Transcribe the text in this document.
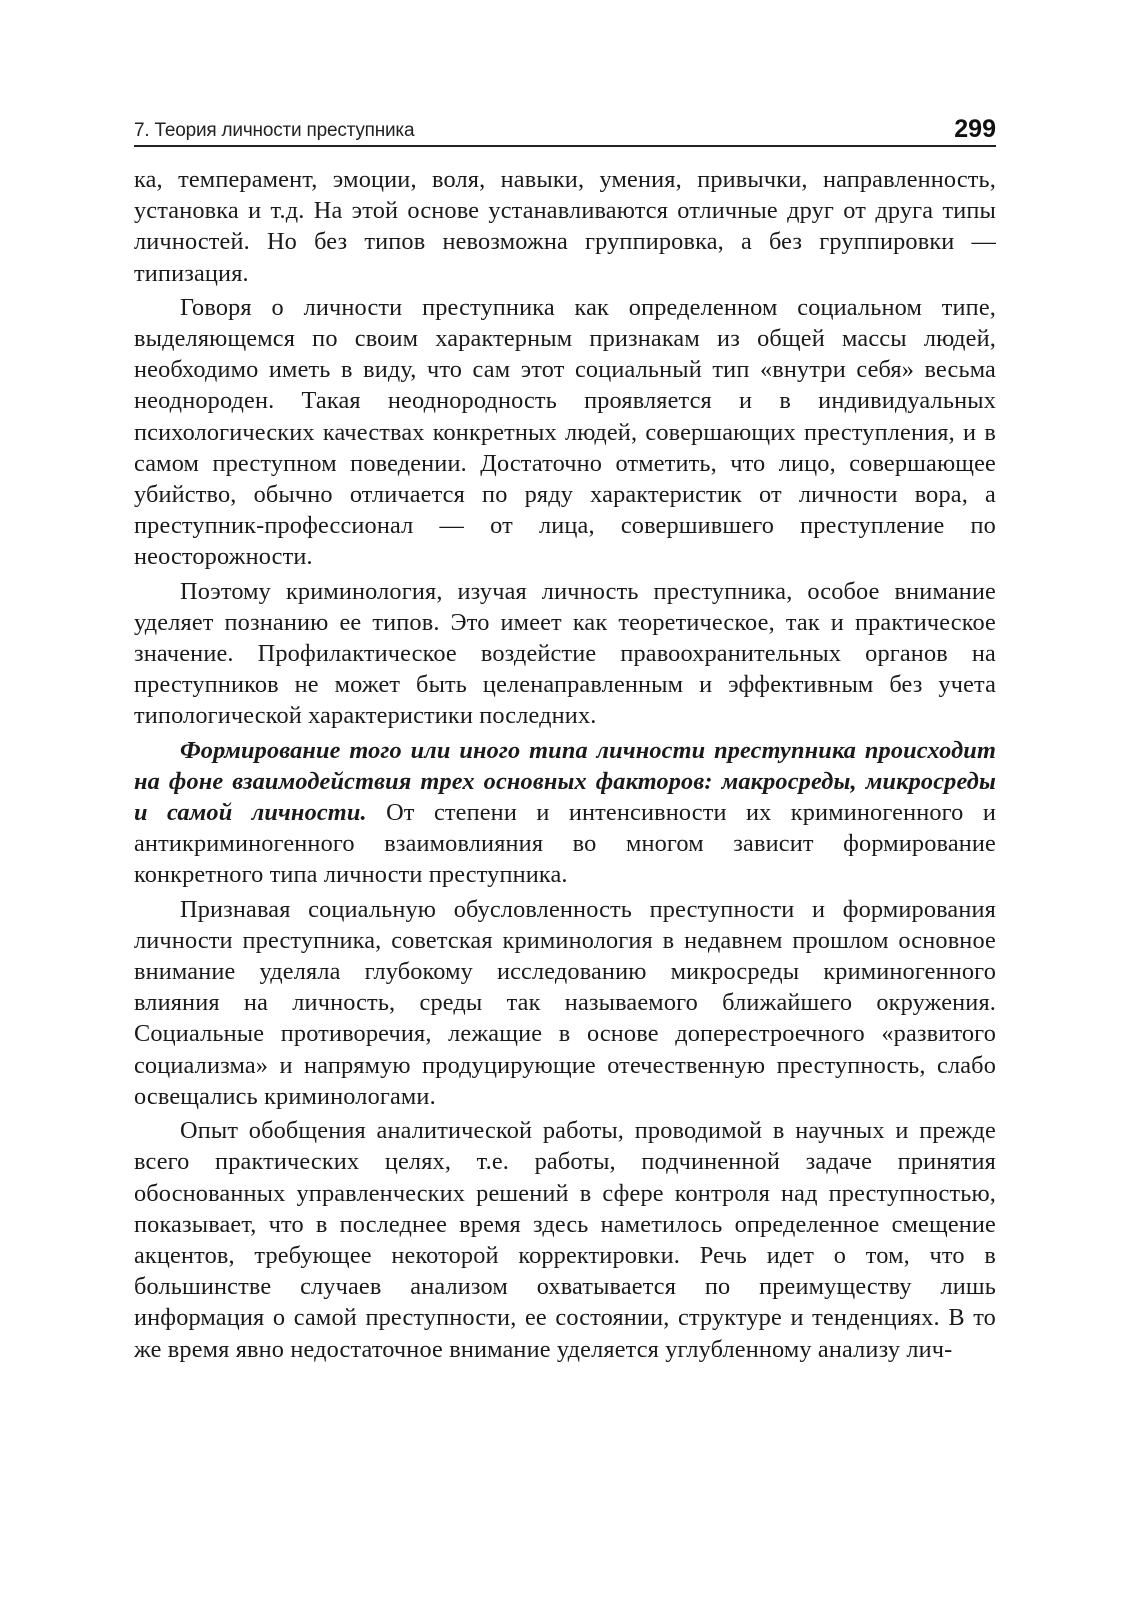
7. Теория личности преступника	299

ка, темперамент, эмоции, воля, навыки, умения, привычки, направленность, установка и т.д. На этой основе устанавливаются отличные друг от друга типы личностей. Но без типов невозможна группировка, а без группировки — типизация.

Говоря о личности преступника как определенном социальном типе, выделяющемся по своим характерным признакам из общей массы людей, необходимо иметь в виду, что сам этот социальный тип «внутри себя» весьма неоднороден. Такая неоднородность проявляется и в индивидуальных психологических качествах конкретных людей, совершающих преступления, и в самом преступном поведении. Достаточно отметить, что лицо, совершающее убийство, обычно отличается по ряду характеристик от личности вора, а преступник-профессионал — от лица, совершившего преступление по неосторожности.

Поэтому криминология, изучая личность преступника, особое внимание уделяет познанию ее типов. Это имеет как теоретическое, так и практическое значение. Профилактическое воздейстие правоохранительных органов на преступников не может быть целенаправленным и эффективным без учета типологической характеристики последних.

Формирование того или иного типа личности преступника происходит на фоне взаимодействия трех основных факторов: макросреды, микросреды и самой личности. От степени и интенсивности их криминогенного и антикриминогенного взаимовлияния во многом зависит формирование конкретного типа личности преступника.

Признавая социальную обусловленность преступности и формирования личности преступника, советская криминология в недавнем прошлом основное внимание уделяла глубокому исследованию микросреды криминогенного влияния на личность, среды так называемого ближайшего окружения. Социальные противоречия, лежащие в основе доперестроечного «развитого социализма» и напрямую продуцирующие отечественную преступность, слабо освещались криминологами.

Опыт обобщения аналитической работы, проводимой в научных и прежде всего практических целях, т.е. работы, подчиненной задаче принятия обоснованных управленческих решений в сфере контроля над преступностью, показывает, что в последнее время здесь наметилось определенное смещение акцентов, требующее некоторой корректировки. Речь идет о том, что в большинстве случаев анализом охватывается по преимуществу лишь информация о самой преступности, ее состоянии, структуре и тенденциях. В то же время явно недостаточное внимание уделяется углубленному анализу лич-
